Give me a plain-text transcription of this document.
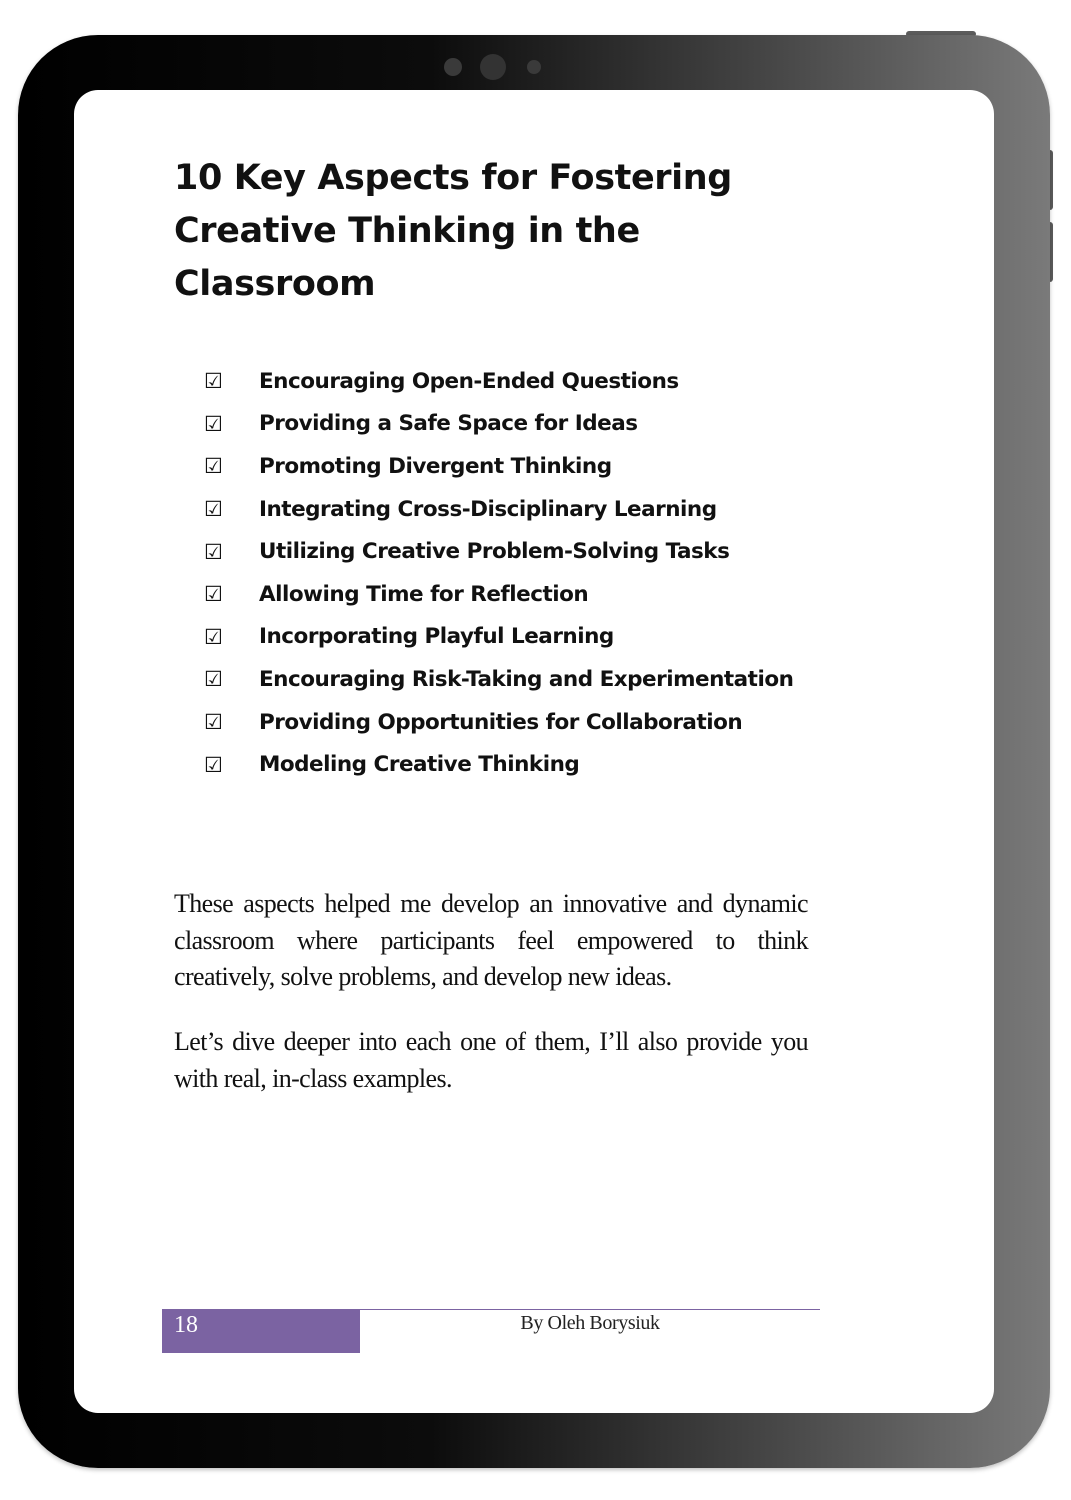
10 Key Aspects for Fostering Creative Thinking in the Classroom
☑ Encouraging Open-Ended Questions
☑ Providing a Safe Space for Ideas
☑ Promoting Divergent Thinking
☑ Integrating Cross-Disciplinary Learning
☑ Utilizing Creative Problem-Solving Tasks
☑ Allowing Time for Reflection
☑ Incorporating Playful Learning
☑ Encouraging Risk-Taking and Experimentation
☑ Providing Opportunities for Collaboration
☑ Modeling Creative Thinking

These aspects helped me develop an innovative and dynamic classroom where participants feel empowered to think creatively, solve problems, and develop new ideas.

Let’s dive deeper into each one of them, I’ll also provide you with real, in-class examples.

18	By Oleh Borysiuk
